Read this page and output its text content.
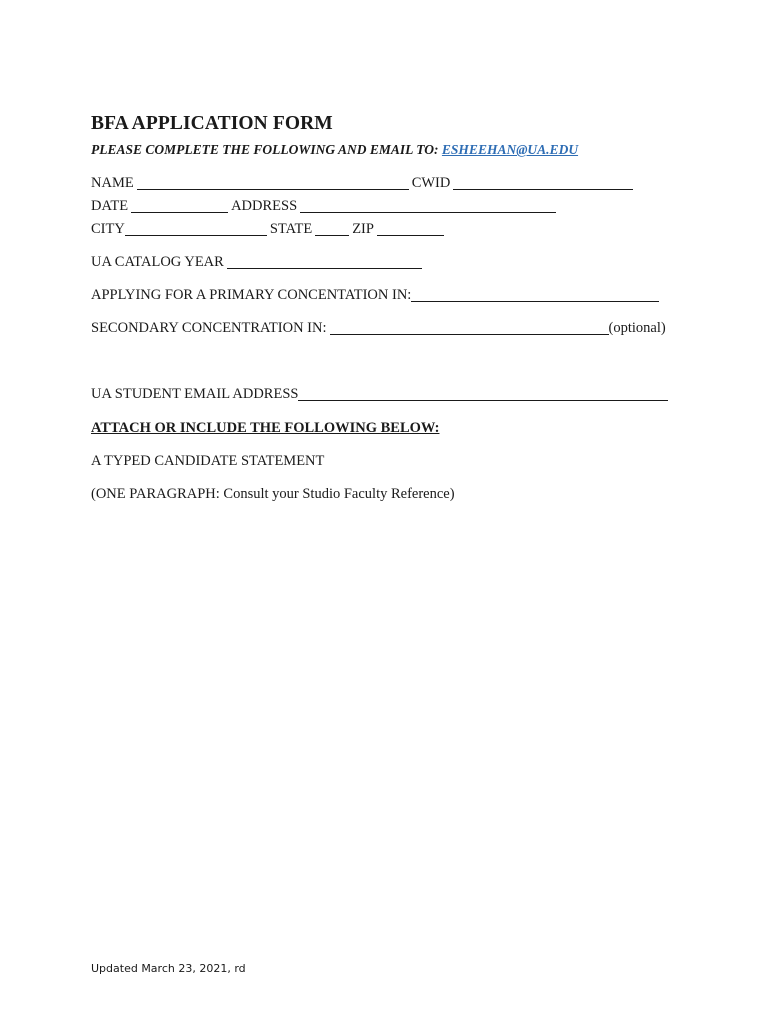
BFA APPLICATION FORM
PLEASE COMPLETE THE FOLLOWING AND EMAIL TO: ESHEEHAN@UA.EDU
NAME	CWID
DATE	ADDRESS
CITY	STATE	ZIP
UA CATALOG YEAR
APPLYING FOR A PRIMARY CONCENTATION IN:
SECONDARY CONCENTRATION IN:	(optional)
UA STUDENT EMAIL ADDRESS
ATTACH OR INCLUDE THE FOLLOWING BELOW:
A TYPED CANDIDATE STATEMENT
(ONE PARAGRAPH: Consult your Studio Faculty Reference)
Updated March 23, 2021, rd
